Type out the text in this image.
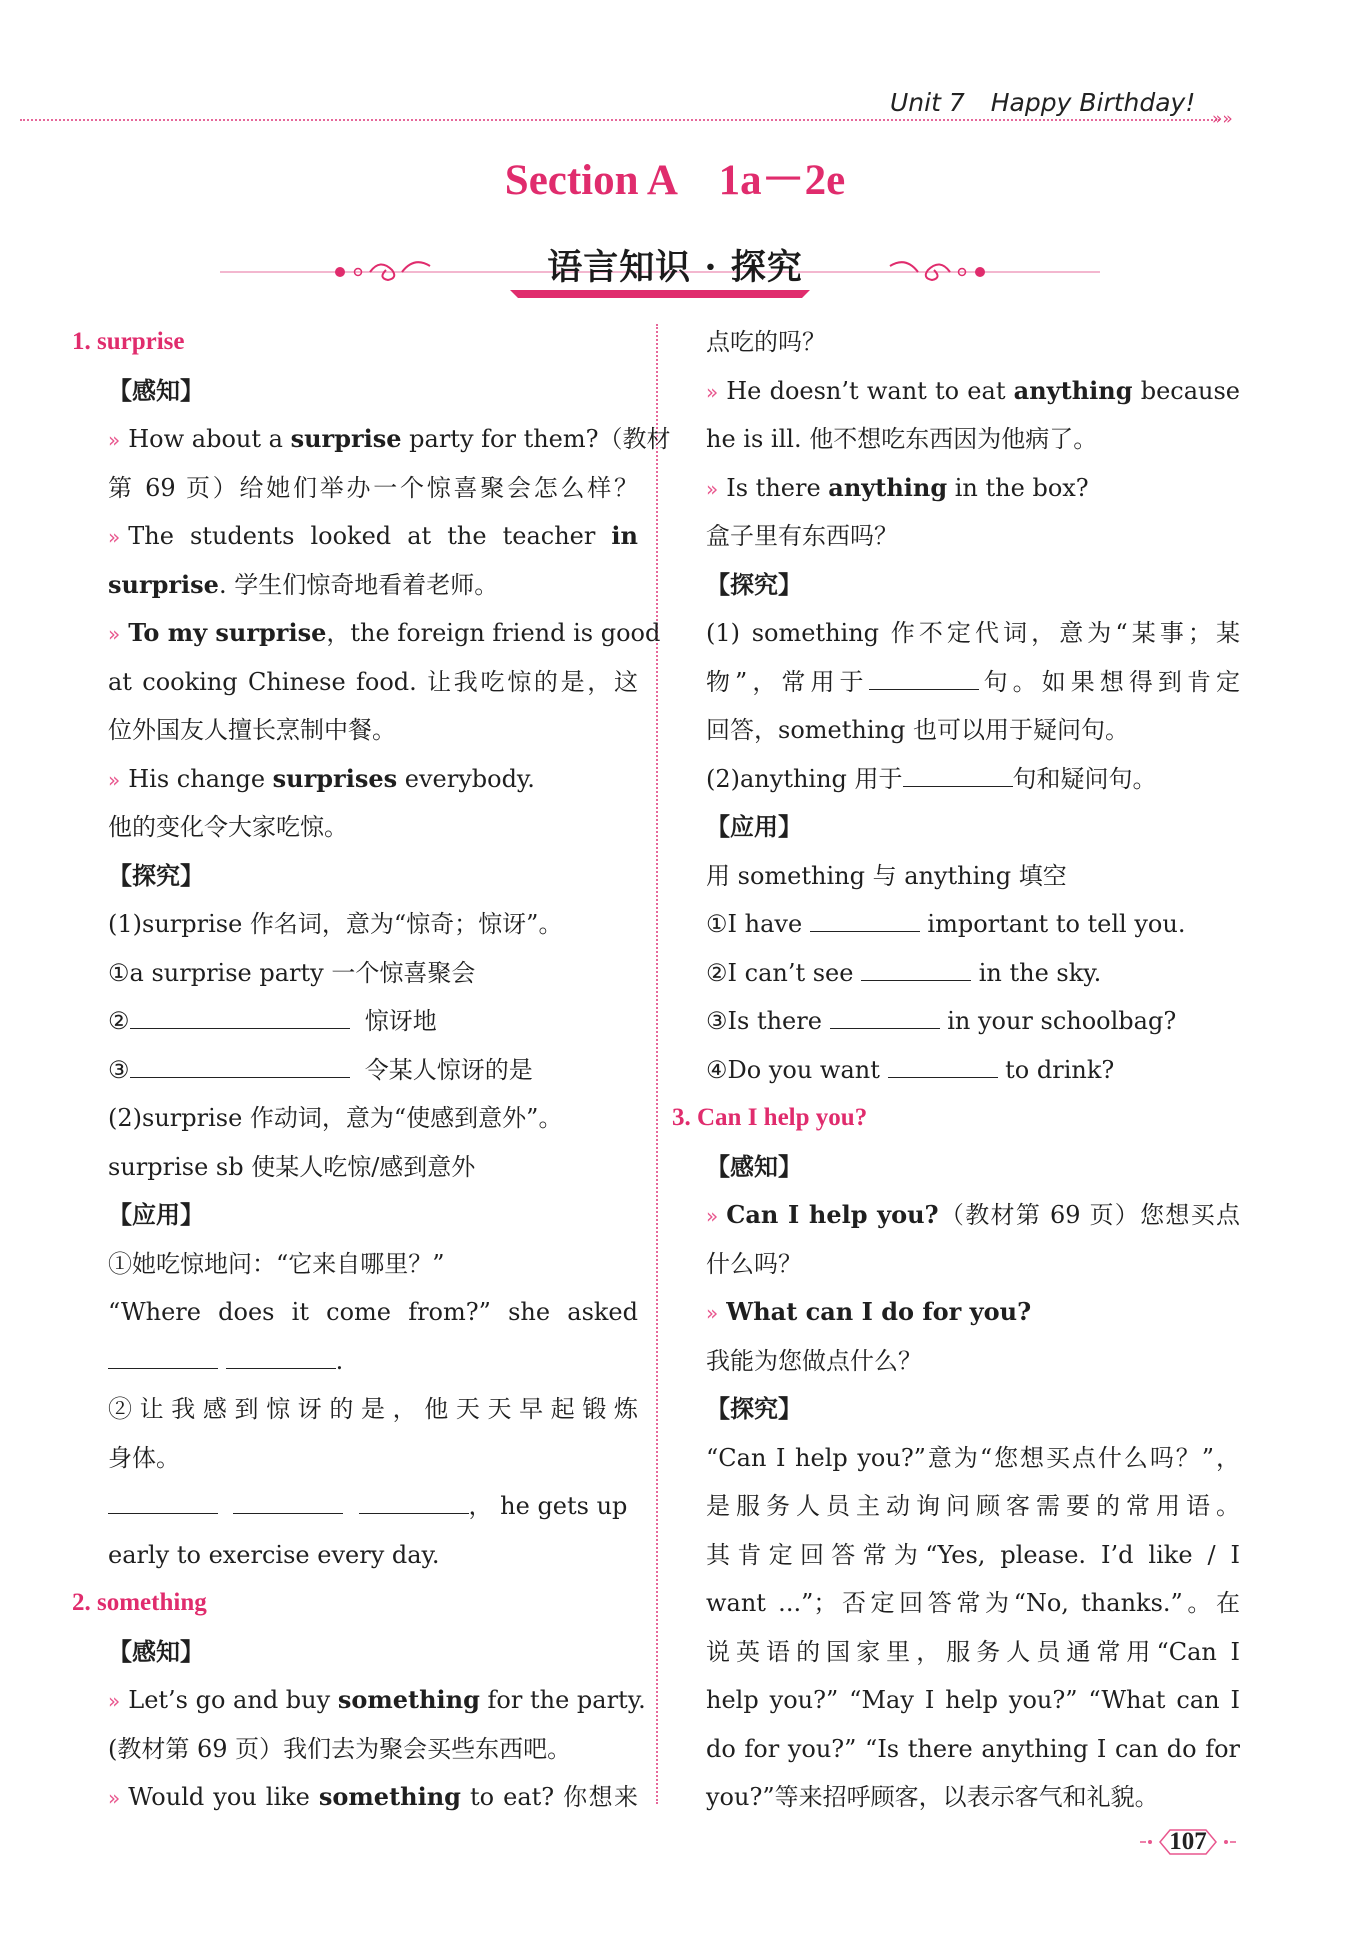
Unit 7 Happy Birthday!
»»
Section A　1a－2e
语言知识 · 探究
1. surprise
【感知】
» How about a surprise party for them?（教材
第 69 页）给她们举办一个惊喜聚会怎么样？
» The students looked at the teacher in
surprise. 学生们惊奇地看着老师。
» To my surprise，the foreign friend is good
at cooking Chinese food. 让我吃惊的是，这
位外国友人擅长烹制中餐。
» His change surprises everybody.
他的变化令大家吃惊。
【探究】
(1)surprise 作名词，意为“惊奇；惊讶”。
①a surprise party 一个惊喜聚会
②	惊讶地
③	令某人惊讶的是
(2)surprise 作动词，意为“使感到意外”。
surprise sb 使某人吃惊/感到意外
【应用】
①她吃惊地问：“它来自哪里？”
“Where does it come from?” she asked
.
②让我感到惊讶的是，他天天早起锻炼
身体。
， he gets up
early to exercise every day.
2. something
【感知】
» Let’s go and buy something for the party.
(教材第 69 页）我们去为聚会买些东西吧。
» Would you like something to eat? 你想来
点吃的吗？
» He doesn’t want to eat anything because
he is ill. 他不想吃东西因为他病了。
» Is there anything in the box?
盒子里有东西吗？
【探究】
(1) something 作不定代词，意为“某事；某
物”，常用于	句。如果想得到肯定
回答，something 也可以用于疑问句。
(2)anything 用于	句和疑问句。
【应用】
用 something 与 anything 填空
①I have	important to tell you.
②I can’t see	in the sky.
③Is there	in your schoolbag?
④Do you want	to drink?
3. Can I help you?
【感知】
» Can I help you?（教材第 69 页）您想买点
什么吗？
» What can I do for you?
我能为您做点什么？
【探究】
“Can I help you?”意为“您想买点什么吗？”，
是服务人员主动询问顾客需要的常用语。
其肯定回答常为“Yes, please. I’d like / I
want ...”；否定回答常为“No, thanks.”。在
说英语的国家里，服务人员通常用“Can I
help you?” “May I help you?” “What can I
do for you?” “Is there anything I can do for
you?”等来招呼顾客，以表示客气和礼貌。
107
